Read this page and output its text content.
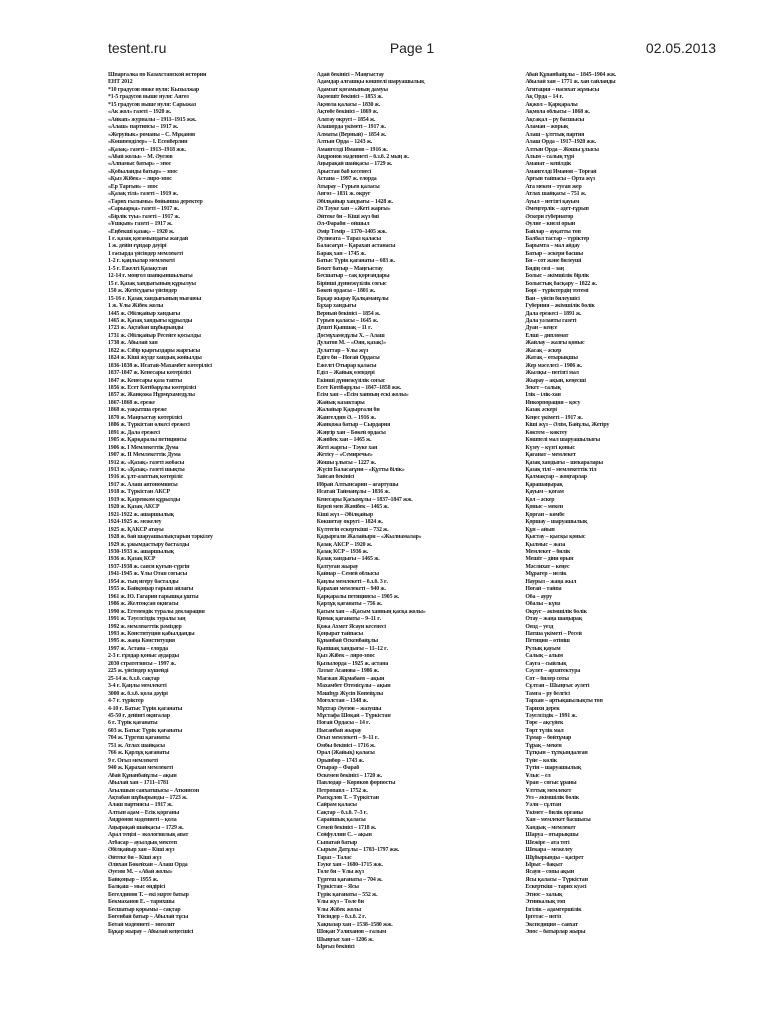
testent.ru	Page 1	02.05.2013
Шпаргалка по Казахстанской истории
ЕНТ 2012
*10 градусов ниже нуля: Кызылжар
*1-5 градусов выше нуля: Аягоз
*15 градусов выше нуля: Сарыжаз
«Ак жол» газеті – 1920 ж.
«Айкап» журналы – 1911–1915 жж.
«Алаш» партиясы – 1917 ж.
«Жеруйык» романы – С. Мұқанов
«Көшпенділер» – І. Есенберлин
«Қазақ» газеті – 1913–1918 жж.
«Абай жолы» – М. Әуезов
«Алпамыс батыр» – эпос
«Қобыланды батыр» – эпос
«Қыз Жібек» – лиро-эпос
«Ер Тарғын» – эпос
«Қазақ тілі» газеті – 1919 ж.
«Тарих ғылымы» бойынша деректер
«Сарыарқа» газеті – 1917 ж.
«Бірлік туы» газеті – 1917 ж.
«Ұшқын» газеті – 1917 ж.
«Еңбекші қазақ» – 1920 ж.
1 ғ. қазақ қоғамындағы жағдай
1 ж. дейін ғұндар дәуірі
1 ғасырда үйсіндер мемлекеті
1-2 ғ. қаңлылар мемлекеті
1-5 ғ. Ежелгі Қазақстан
12-14 ғ. моңғол шапқыншылығы
15 ғ. Қазақ хандығының құрылуы
150 ж. Жетісудағы үйсіндер
15-16 ғ. Қазақ хандығының нығаюы
1 ж. Ұлы Жібек жолы
1445 ж. Әбілқайыр хандығы
1465 ж. Қазақ хандығы құрылды
1723 ж. Ақтабан шұбырынды
1731 ж. Әбілқайыр Ресейге қосылды
1738 ж. Абылай хан
1822 ж. Сібір қырғыздары жарғысы
1824 ж. Кіші жүзде хандық жойылды
1836-1838 ж. Исатай-Махамбет көтерілісі
1837-1847 ж. Кенесары көтерілісі
1847 ж. Кенесары қаза тапты
1856 ж. Есет Көтібарұлы көтерілісі
1857 ж. Жанқожа Нұрмұхамедұлы
1867-1868 ж. ереже
1868 ж. уақытша ереже
1870 ж. Маңғыстау көтерілісі
1886 ж. Түркістан өлкесі ережесі
1891 ж. Дала ережесі
1905 ж. Қарқаралы петициясы
1906 ж. І Мемлекеттік Дума
1907 ж. ІІ Мемлекеттік Дума
1912 ж. «Қазақ» газеті жобасы
1913 ж. «Қазақ» газеті шықты
1916 ж. ұлт-азаттық көтеріліс
1917 ж. Алаш автономиясы
1918 ж. Түркістан АКСР
1919 ж. Қазревком құрылды
1920 ж. Қазақ АКСР
1921-1922 ж. ашаршылық
1924-1925 ж. межелеу
1925 ж. ҚАКСР атауы
1928 ж. бай шаруашылықтарын тәркілеу
1929 ж. ұжымдастыру басталды
1930-1933 ж. ашаршылық
1936 ж. Қазақ КСР
1937-1938 ж. саяси қуғын-сүргін
1941-1945 ж. Ұлы Отан соғысы
1954 ж. тың игеру басталды
1955 ж. Байқоңыр ғарыш айлағы
1961 ж. Ю. Гагарин ғарышқа ұшты
1986 ж. Желтоқсан оқиғасы
1990 ж. Егемендік туралы декларация
1991 ж. Тәуелсіздік туралы заң
1992 ж. мемлекеттік рәміздер
1993 ж. Конституция қабылданды
1995 ж. жаңа Конституция
1997 ж. Астана – елорда
2-3 ғ. ғұндар қоныс аударды
2030 стратегиясы – 1997 ж.
225 ж. үйсіндер күшейді
25-14 ж. б.з.б. сақтар
3-4 ғ. Қаңлы мемлекеті
3000 ж. б.з.б. қола дәуірі
4-7 ғ. түріктер
4-10 ғ. Батыс Түрік қағанаты
45-50 ғ. дейінгі оқиғалар
6 ғ. Түрік қағанаты
603 ж. Батыс Түрік қағанаты
704 ж. Түргеш қағанаты
751 ж. Атлах шайқасы
766 ж. Қарлұқ қағанаты
9 ғ. Оғыз мемлекеті
940 ж. Қарахан мемлекеті
Абай Құнанбайұлы – ақын
Абылай хан – 1711–1781
Ағылшын саяхатшысы – Аткинсон
Ақтабан шұбырынды – 1723 ж.
Алаш партиясы – 1917 ж.
Алтын адам – Есік қорғаны
Андронов мәдениеті – қола
Аңырақай шайқасы – 1729 ж.
Арал теңізі – экологиялық апат
Атбасар – ауылдық мектеп
Әбілқайыр хан – Кіші жүз
Әйтеке би – Кіші жүз
Әлихан Бөкейхан – Алаш Орда
Әуезов М. – «Абай жолы»
Байқоңыр – 1955 ж.
Балқаш – мыс өндірісі
Бегелдинов Т. – екі мәрте батыр
Бекмаханов Е. – тарихшы
Бесшатыр қорымы – сақтар
Бөгенбай батыр – Абылай тұсы
Ботай мәдениеті – энеолит
Бұқар жырау – Абылай кеңесшісі
Адай бекінісі – Маңғыстау
Адамдар алғашқы көшпелі шаруашылық
Адамзат қоғамының дамуы
Ақмешіт бекінісі – 1853 ж.
Ақмола қаласы – 1830 ж.
Ақтөбе бекінісі – 1869 ж.
Алатау округі – 1854 ж.
Алашорда үкіметі – 1917 ж.
Алматы (Верный) – 1854 ж.
Алтын Орда – 1243 ж.
Амангелді Иманов – 1916 ж.
Андронов мәдениеті – б.з.б. 2 мың ж.
Аңырақай шайқасы – 1729 ж.
Арыстан баб кесенесі
Астана – 1997 ж. елорда
Атырау – Гурьев қаласы
Аягөз – 1831 ж. округ
Әбілқайыр хандығы – 1428 ж.
Әз Тәуке хан – «Жеті жарғы»
Әйтеке би – Кіші жүз биі
Әл-Фараби – ойшыл
Әмір Темір – 1370–1405 жж.
Әулиеата – Тараз қаласы
Баласағұн – Қарахан астанасы
Барақ хан – 1745 ж.
Батыс Түрік қағанаты – 603 ж.
Бекет батыр – Маңғыстау
Бесшатыр – сақ қорғандары
Бірінші дүниежүзілік соғыс
Бөкей ордасы – 1801 ж.
Бұқар жырау Қалқаманұлы
Бұхар хандығы
Верный бекінісі – 1854 ж.
Гурьев қаласы – 1645 ж.
Дешті Қыпшақ – 11 ғ.
Досмұхамедұлы Х. – Алаш
Дулатов М. – «Оян, қазақ!»
Дулаттар – Ұлы жүз
Едіге би – Ноғай Ордасы
Ежелгі Отырар қаласы
Еділ – Жайық өзендері
Екінші дүниежүзілік соғыс
Есет Көтібарұлы – 1847–1858 жж.
Есім хан – «Есім ханның ескі жолы»
Жайық казактары
Жалайыр Қадырғали би
Жангелдин Ә. – 1916 ж.
Жанқожа батыр – Сырдария
Жәңгір хан – Бөкей ордасы
Жәнібек хан – 1465 ж.
Жеті жарғы – Тәуке хан
Жетісу – «Семиречье»
Жошы ұлысы – 1227 ж.
Жүсіп Баласағұни – «Құтты білік»
Зайсан бекінісі
Ибрай Алтынсарин – ағартушы
Исатай Тайманұлы – 1836 ж.
Кенесары Қасымұлы – 1837–1847 жж.
Керей мен Жәнібек – 1465 ж.
Кіші жүз – Әбілқайыр
Көкшетау округі – 1824 ж.
Күлтегін ескерткіші – 732 ж.
Қадырғали Жалайыри – «Жылнамалар»
Қазақ АКСР – 1920 ж.
Қазақ КСР – 1936 ж.
Қазақ хандығы – 1465 ж.
Қазтуған жырау
Қайнар – Семей облысы
Қаңлы мемлекеті – б.з.б. 3 ғ.
Қарахан мемлекеті – 940 ж.
Қарқаралы петициясы – 1905 ж.
Қарлұқ қағанаты – 756 ж.
Қасым хан – «Қасым ханның қасқа жолы»
Қимақ қағанаты – 9–11 ғ.
Қожа Ахмет Ясауи кесенесі
Қоңырат тайпасы
Құнанбай Өскенбайұлы
Қыпшақ хандығы – 11–12 ғ.
Қыз Жібек – лиро-эпос
Қызылорда – 1925 ж. астана
Ләззат Асанова – 1986 ж.
Мағжан Жұмабаев – ақын
Махамбет Өтемісұлы – ақын
Мәшһүр Жүсіп Көпейұлы
Моғолстан – 1348 ж.
Мұхтар Әуезов – жазушы
Мұстафа Шоқай – Түркістан
Ноғай Ордасы – 14 ғ.
Нысанбай жырау
Оғыз мемлекеті – 9–11 ғ.
Омбы бекінісі – 1716 ж.
Орал (Жайық) қаласы
Орынбор – 1743 ж.
Отырар – Фараб
Өскемен бекінісі – 1720 ж.
Павлодар – Коряков форпосты
Петропавл – 1752 ж.
Рысқұлов Т. – Түркістан
Сайрам қаласы
Сақтар – б.з.б. 7–3 ғ.
Сарайшық қаласы
Семей бекінісі – 1718 ж.
Сейфуллин С. – ақын
Сыпатай батыр
Сырым Датұлы – 1783–1797 жж.
Тараз – Талас
Тәуке хан – 1680–1715 жж.
Төле би – Ұлы жүз
Түргеш қағанаты – 704 ж.
Түркістан – Ясы
Түрік қағанаты – 552 ж.
Ұлы жүз – Төле би
Ұлы Жібек жолы
Үйсіндер – б.з.б. 2 ғ.
Хақназар хан – 1538–1580 жж.
Шоқан Уәлиханов – ғалым
Шыңғыс хан – 1206 ж.
Ырғыз бекінісі
Абай Құнанбайұлы – 1845–1904 жж.
Абылай хан – 1771 ж. хан сайланды
Агитация – насихат жұмысы
Ақ Орда – 14 ғ.
Ақжол – Қарқаралы
Ақмола облысы – 1868 ж.
Ақсақал – ру басшысы
Аламан – жорық
Алаш – ұлттық партия
Алаш Орда – 1917–1920 жж.
Алтын Орда – Жошы ұлысы
Алым – салық түрі
Аманат – кепілдік
Амангелді Иманов – Торғай
Арғын тайпасы – Орта жүз
Ата мекен – туған жер
Атлах шайқасы – 751 ж.
Ауыл – негізгі қауым
Әмеңгерлік – әдет-ғұрып
Әскери губернатор
Әулие – киелі орын
Байлар – ауқатты топ
Балбал тастар – түріктер
Барымта – мал айдау
Батыр – әскери басшы
Би – сот және билеуші
Бидің сөзі – заң
Болыс – әкімшілік бірлік
Болыстық басқару – 1822 ж.
Бөрі – түріктердің тотемі
Ван – үйсін билеушісі
Губерния – әкімшілік бөлік
Дала ережесі – 1891 ж.
Дала уәлаяты газеті
Дуан – кеңсе
Елші – дипломат
Жайлау – жазғы қоныс
Жасақ – әскер
Жатақ – отырықшы
Жер мәселесі – 1906 ж.
Жылқы – негізгі мал
Жырау – ақын, кеңесші
Зекет – салық
Ілік – ілік-хан
Инкорпорация – қосу
Казак әскері
Кеңес үкіметі – 1917 ж.
Кіші жүз – Әлім, Байұлы, Жетіру
Көктем – көктеу
Көшпелі мал шаруашылығы
Күзеу – күзгі қоныс
Қағанат – мемлекет
Қазақ хандығы – шекаралары
Қазақ тілі – мемлекеттік тіл
Қалмақтар – жоңғарлар
Қарашаңырақ
Қауым – қоғам
Қол – әскер
Қоныс – мекен
Қорған – көмбе
Қоршау – шаруашылық
Құн – айып
Қыстау – қысқы қоныс
Қылмыс – жаза
Мемлекет – билік
Мешіт – діни орын
Мәслихат – кеңес
Мұрагер – иелік
Наурыз – жаңа жыл
Ноғай – тайпа
Оба – ауру
Обалы – күнә
Округ – әкімшілік бөлік
Отау – жаңа шаңырақ
Оязд – уезд
Патша үкіметі – Ресей
Петиция – өтініш
Рулық қауым
Салық – алым
Сауға – сыйлық
Сәулет – архитектура
Сот – билер соты
Сұлтан – Шыңғыс әулеті
Тамға – ру белгісі
Тархан – артықшылықты топ
Тарихи дерек
Тәуелсіздік – 1991 ж.
Төре – ақсүйек
Төрт түлік мал
Тұмар – бойтұмар
Тұрақ – мекен
Тұтқын – тұтқындалған
Түйе – көлік
Түтін – шаруашылық
Ұлыс – ел
Ұран – соғыс ұраны
Ұлттық мемлекет
Уез – әкімшілік бөлік
Уәли – сұлтан
Үкімет – билік органы
Хан – мемлекет басшысы
Хандық – мемлекет
Шаруа – отырықшы
Шежіре – ата тегі
Шекара – межелеу
Шұбырынды – қасірет
Ырыс – бақыт
Ясауи – сопы ақын
Ясы қаласы – Түркістан
Ескерткіш – тарих куәсі
Этнос – халық
Этникалық топ
Ізгілік – адамгершілік
Іргетас – негіз
Экспедиция – саяхат
Эпос – батырлар жыры
